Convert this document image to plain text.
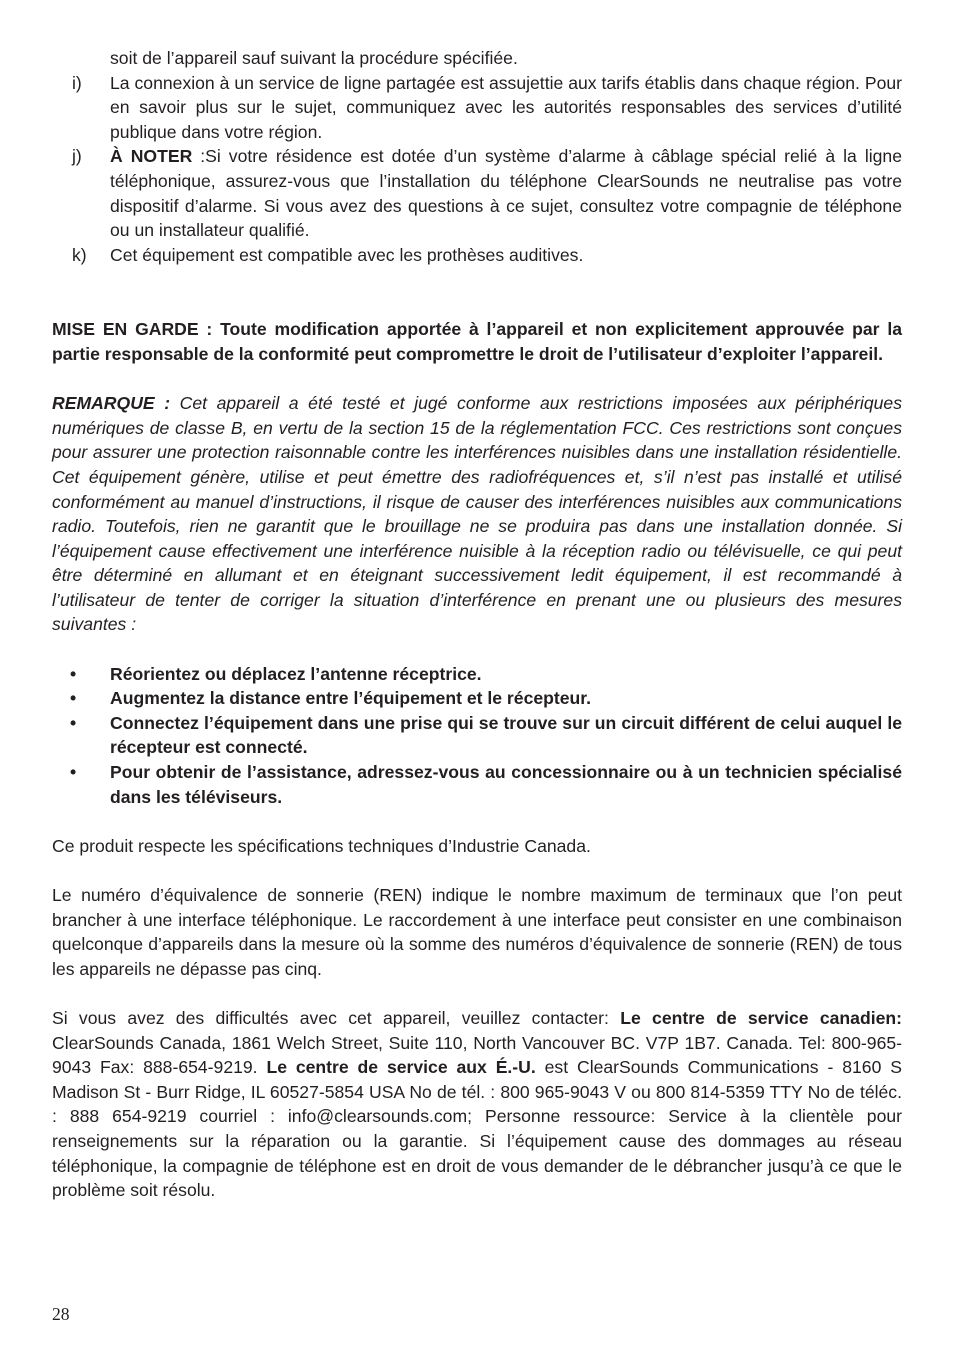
soit de l’appareil sauf suivant la procédure spécifiée.
i)	La connexion à un service de ligne partagée est assujettie aux tarifs établis dans chaque région. Pour en savoir plus sur le sujet, communiquez avec les autorités responsables des services d’utilité publique dans votre région.
j)	À NOTER :Si votre résidence est dotée d’un système d’alarme à câblage spécial relié à la ligne téléphonique, assurez-vous que l’installation du téléphone ClearSounds ne neutralise pas votre dispositif d’alarme. Si vous avez des questions à ce sujet, consultez votre compagnie de téléphone ou un installateur qualifié.
k)	Cet équipement est compatible avec les prothèses auditives.

MISE EN GARDE : Toute modification apportée à l’appareil et non explicitement approuvée par la partie responsable de la conformité peut compromettre le droit de l’utilisateur d’exploiter l’appareil.

REMARQUE : Cet appareil a été testé et jugé conforme aux restrictions imposées aux périphériques numériques de classe B, en vertu de la section 15 de la réglementation FCC. Ces restrictions sont conçues pour assurer une protection raisonnable contre les interférences nuisibles dans une installation résidentielle. Cet équipement génère, utilise et peut émettre des radiofréquences et, s’il n’est pas installé et utilisé conformément au manuel d’instructions, il risque de causer des interférences nuisibles aux communications radio. Toutefois, rien ne garantit que le brouillage ne se produira pas dans une installation donnée. Si l’équipement cause effectivement une interférence nuisible à la réception radio ou télévisuelle, ce qui peut être déterminé en allumant et en éteignant successivement ledit équipement, il est recommandé à l’utilisateur de tenter de corriger la situation d’interférence en prenant une ou plusieurs des mesures suivantes :

•	Réorientez ou déplacez l’antenne réceptrice.
•	Augmentez la distance entre l’équipement et le récepteur.
•	Connectez l’équipement dans une prise qui se trouve sur un circuit différent de celui auquel le récepteur est connecté.
•	Pour obtenir de l’assistance, adressez-vous au concessionnaire ou à un technicien spécialisé dans les téléviseurs.

Ce produit respecte les spécifications techniques d’Industrie Canada.

Le numéro d’équivalence de sonnerie (REN) indique le nombre maximum de terminaux que l’on peut brancher à une interface téléphonique. Le raccordement à une interface peut consister en une combinaison quelconque d’appareils dans la mesure où la somme des numéros d’équivalence de sonnerie (REN) de tous les appareils ne dépasse pas cinq.

Si vous avez des difficultés avec cet appareil, veuillez contacter: Le centre de service canadien: ClearSounds Canada, 1861 Welch Street, Suite 110, North Vancouver BC. V7P 1B7. Canada. Tel: 800-965-9043 Fax: 888-654-9219. Le centre de service aux É.-U. est ClearSounds Communications - 8160 S Madison St - Burr Ridge, IL 60527-5854 USA No de tél. : 800 965-9043 V ou 800 814-5359 TTY No de téléc. : 888 654-9219 courriel : info@clearsounds.com; Personne ressource: Service à la clientèle pour renseignements sur la réparation ou la garantie. Si l’équipement cause des dommages au réseau téléphonique, la compagnie de téléphone est en droit de vous demander de le débrancher jusqu’à ce que le problème soit résolu.

28
